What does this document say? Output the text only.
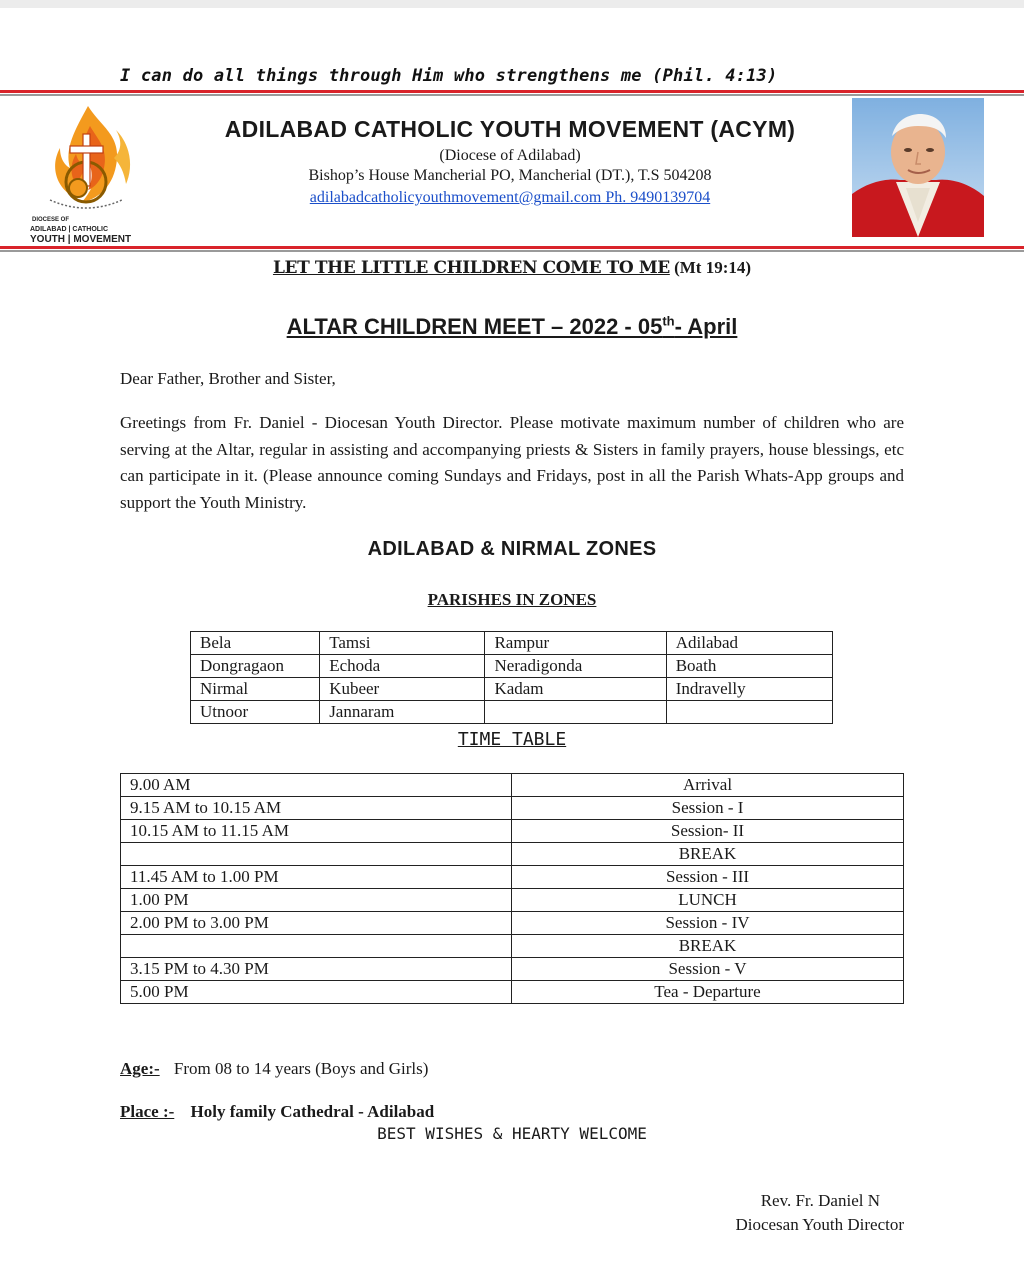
I can do all things through Him who strengthens me (Phil. 4:13)
DIOCESE OF
ADILABAD | CATHOLIC
YOUTH | MOVEMENT
ADILABAD CATHOLIC YOUTH MOVEMENT (ACYM)
(Diocese of Adilabad)
Bishop’s House Mancherial PO, Mancherial (DT.), T.S 504208
adilabadcatholicyouthmovement@gmail.com Ph. 9490139704
LET THE LITTLE CHILDREN COME TO ME (Mt 19:14)
ALTAR CHILDREN MEET – 2022 - 05th- April
Dear Father, Brother and Sister,
Greetings from Fr. Daniel - Diocesan Youth Director. Please motivate maximum number of children who are serving at the Altar, regular in assisting and accompanying priests & Sisters in family prayers, house blessings, etc can participate in it. (Please announce coming Sundays and Fridays, post in all the Parish Whats-App groups and support the Youth Ministry.
ADILABAD & NIRMAL ZONES
PARISHES IN ZONES
Bela	Tamsi	Rampur	Adilabad
Dongragaon	Echoda	Neradigonda	Boath
Nirmal	Kubeer	Kadam	Indravelly
Utnoor	Jannaram		
TIME TABLE
9.00 AM	Arrival
9.15 AM to 10.15 AM	Session - I
10.15 AM to 11.15 AM	Session- II
	BREAK
11.45 AM to 1.00 PM	Session - III
1.00 PM	LUNCH
2.00 PM to 3.00 PM	Session - IV
	BREAK
3.15 PM to 4.30 PM	Session - V
5.00 PM	Tea - Departure
Age:- From 08 to 14 years (Boys and Girls)
Place :- Holy family Cathedral - Adilabad
BEST WISHES & HEARTY WELCOME
Rev. Fr. Daniel N
Diocesan Youth Director
